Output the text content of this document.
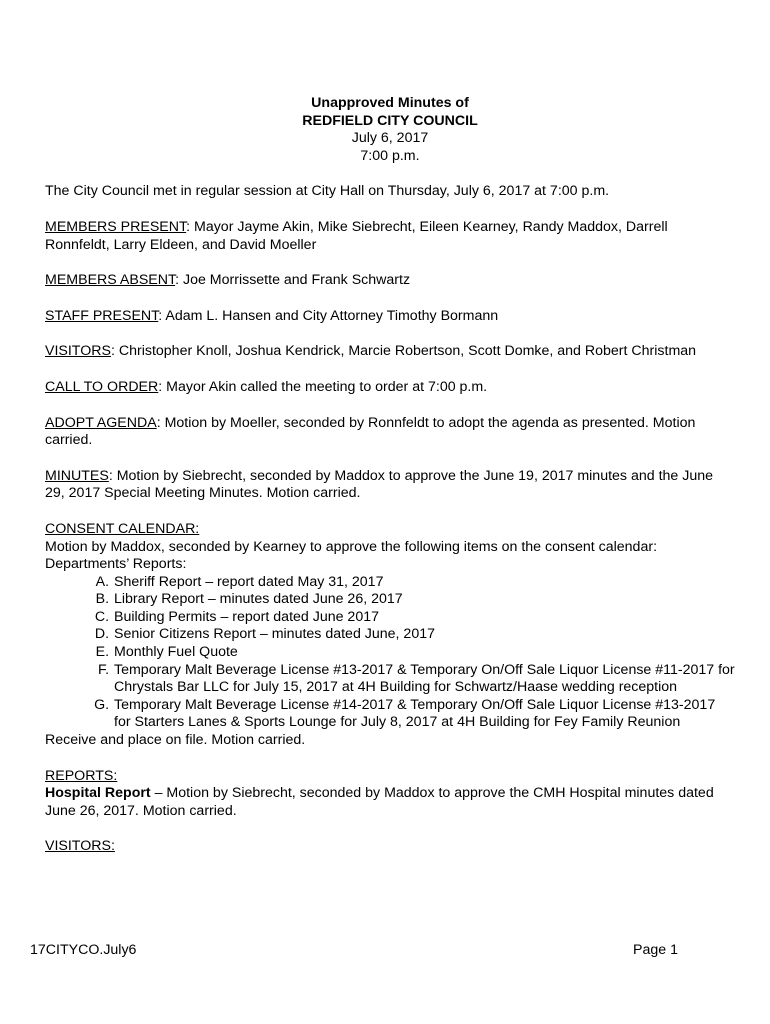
Unapproved Minutes of
REDFIELD CITY COUNCIL
July 6, 2017
7:00 p.m.

The City Council met in regular session at City Hall on Thursday, July 6, 2017 at 7:00 p.m.

MEMBERS PRESENT: Mayor Jayme Akin, Mike Siebrecht, Eileen Kearney, Randy Maddox, Darrell Ronnfeldt, Larry Eldeen, and David Moeller

MEMBERS ABSENT: Joe Morrissette and Frank Schwartz

STAFF PRESENT: Adam L. Hansen and City Attorney Timothy Bormann

VISITORS: Christopher Knoll, Joshua Kendrick, Marcie Robertson, Scott Domke, and Robert Christman

CALL TO ORDER: Mayor Akin called the meeting to order at 7:00 p.m.

ADOPT AGENDA: Motion by Moeller, seconded by Ronnfeldt to adopt the agenda as presented. Motion carried.

MINUTES: Motion by Siebrecht, seconded by Maddox to approve the June 19, 2017 minutes and the June 29, 2017 Special Meeting Minutes. Motion carried.

CONSENT CALENDAR:
Motion by Maddox, seconded by Kearney to approve the following items on the consent calendar:
Departments’ Reports:
A. Sheriff Report – report dated May 31, 2017
B. Library Report – minutes dated June 26, 2017
C. Building Permits – report dated June 2017
D. Senior Citizens Report – minutes dated June, 2017
E. Monthly Fuel Quote
F. Temporary Malt Beverage License #13-2017 & Temporary On/Off Sale Liquor License #11-2017 for Chrystals Bar LLC for July 15, 2017 at 4H Building for Schwartz/Haase wedding reception
G. Temporary Malt Beverage License #14-2017 & Temporary On/Off Sale Liquor License #13-2017 for Starters Lanes & Sports Lounge for July 8, 2017 at 4H Building for Fey Family Reunion
Receive and place on file. Motion carried.
REPORTS:
Hospital Report – Motion by Siebrecht, seconded by Maddox to approve the CMH Hospital minutes dated June 26, 2017. Motion carried.
VISITORS:
17CITYCO.July6	Page 1
